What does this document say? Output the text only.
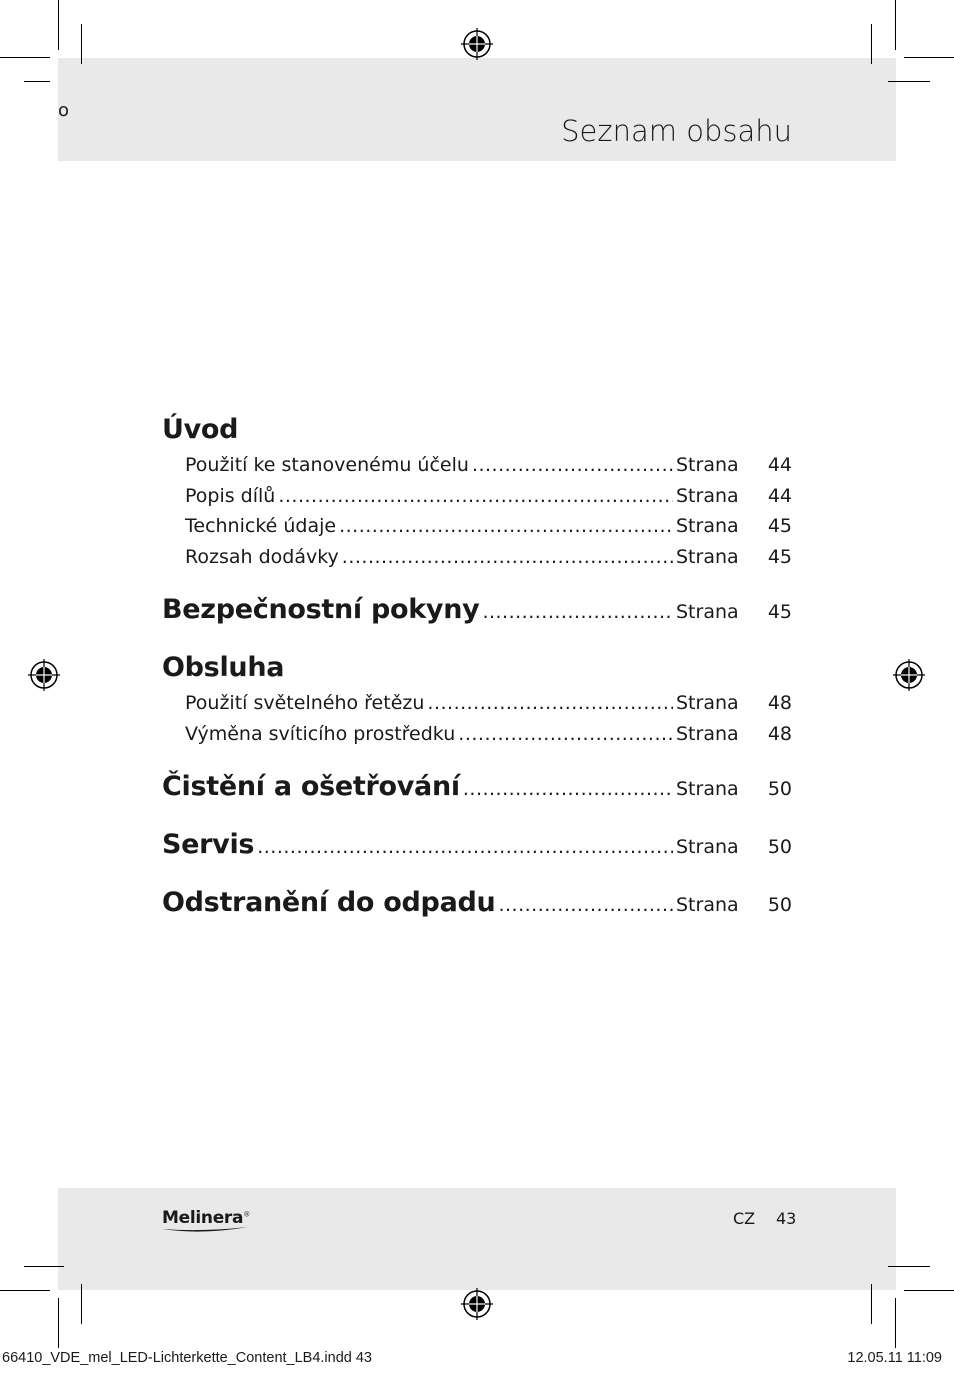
o
Seznam obsahu
Úvod
Použití ke stanovenému účelu .....	Strana	44
Popis dílů .....	Strana	44
Technické údaje .....	Strana	45
Rozsah dodávky .....	Strana	45
Bezpečnostní pokyny .....	Strana	45
Obsluha
Použití světelného řetězu .....	Strana	48
Výměna svíticího prostředku .....	Strana	48
Čistění a ošetřování .....	Strana	50
Servis .....	Strana	50
Odstranění do odpadu .....	Strana	50
Melinera®	CZ 43
66410_VDE_mel_LED-Lichterkette_Content_LB4.indd 43	12.05.11 11:09
